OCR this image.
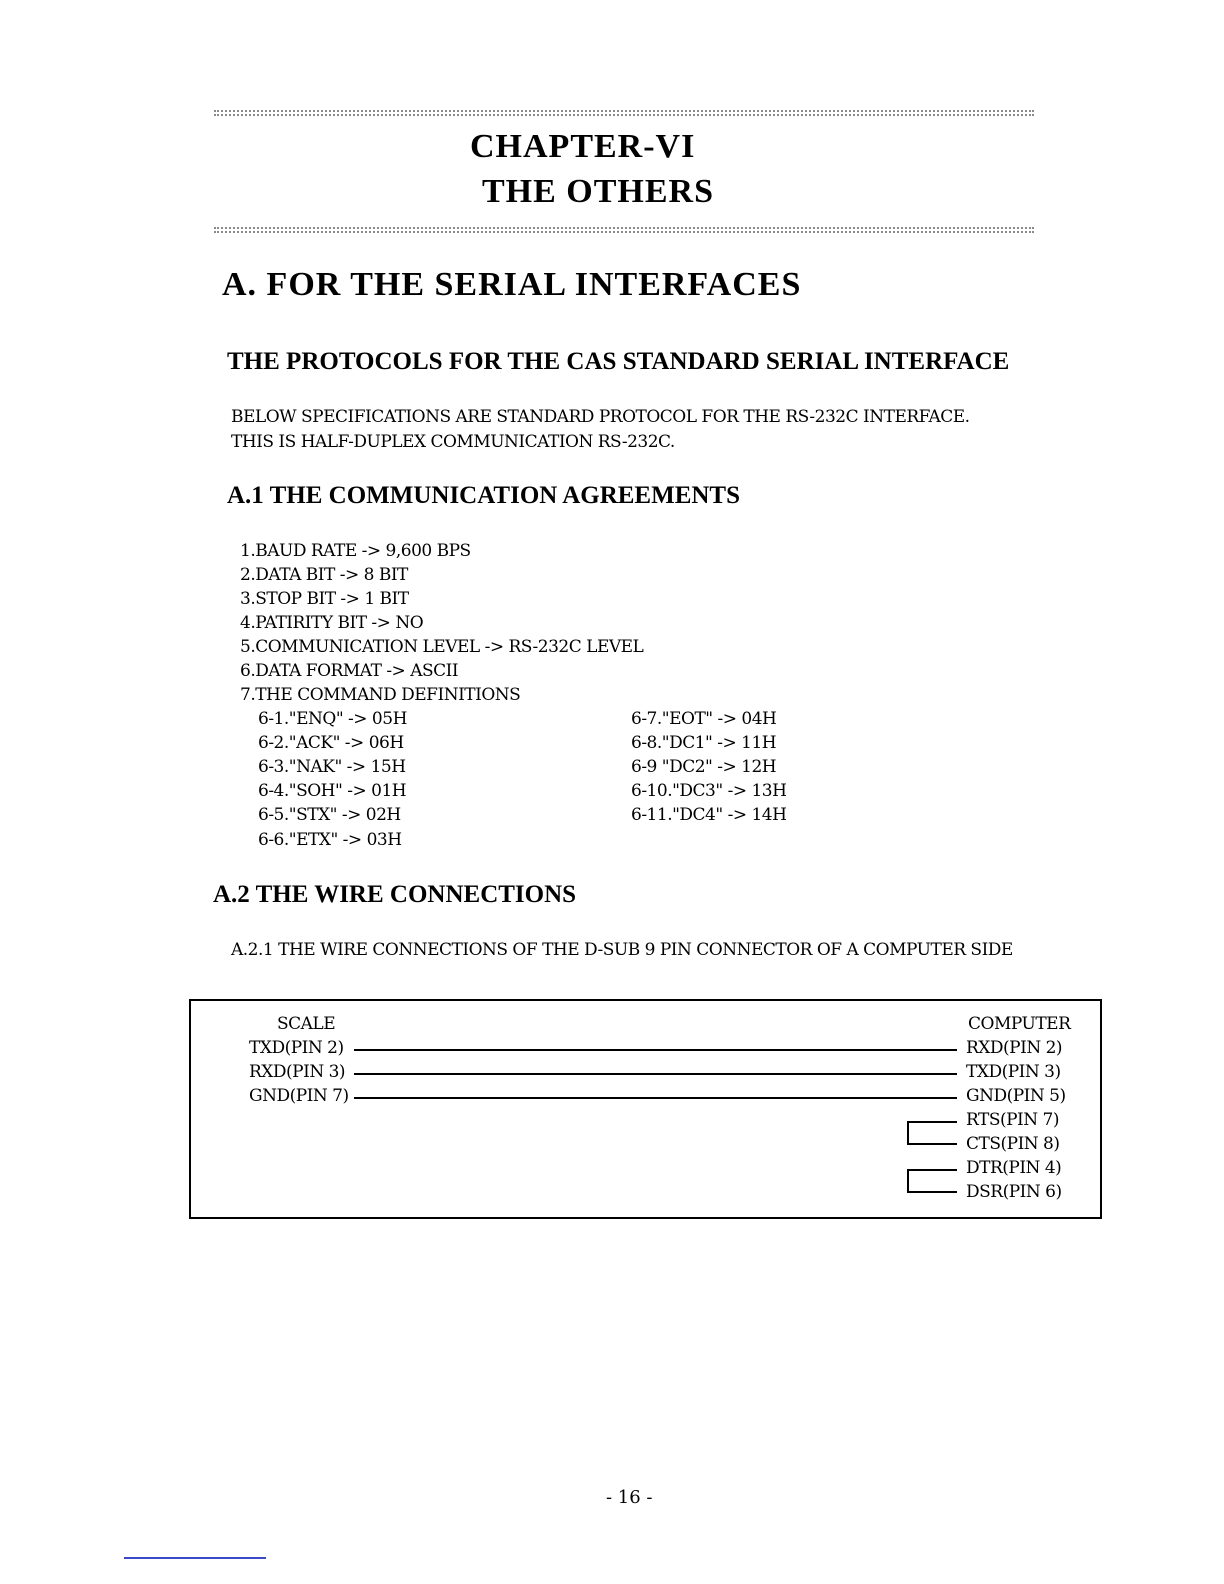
CHAPTER-VI
THE OTHERS
A. FOR THE SERIAL INTERFACES
THE PROTOCOLS FOR THE CAS STANDARD SERIAL INTERFACE
BELOW SPECIFICATIONS ARE STANDARD PROTOCOL FOR THE RS-232C INTERFACE.
THIS IS HALF-DUPLEX COMMUNICATION RS-232C.
A.1 THE COMMUNICATION AGREEMENTS
1.BAUD RATE -> 9,600 BPS
2.DATA BIT -> 8 BIT
3.STOP BIT -> 1 BIT
4.PATIRITY BIT -> NO
5.COMMUNICATION LEVEL -> RS-232C LEVEL
6.DATA FORMAT -> ASCII
7.THE COMMAND DEFINITIONS
6-1."ENQ" -> 05H
6-2."ACK" -> 06H
6-3."NAK" -> 15H
6-4."SOH" -> 01H
6-5."STX" -> 02H
6-6."ETX" -> 03H
6-7."EOT" -> 04H
6-8."DC1" -> 11H
6-9 "DC2" -> 12H
6-10."DC3" -> 13H
6-11."DC4" -> 14H
A.2 THE WIRE CONNECTIONS
A.2.1 THE WIRE CONNECTIONS OF THE D-SUB 9 PIN CONNECTOR OF A COMPUTER SIDE
SCALE	COMPUTER
TXD(PIN 2)
RXD(PIN 3)
GND(PIN 7)
RXD(PIN 2)
TXD(PIN 3)
GND(PIN 5)
RTS(PIN 7)
CTS(PIN 8)
DTR(PIN 4)
DSR(PIN 6)
- 16 -
